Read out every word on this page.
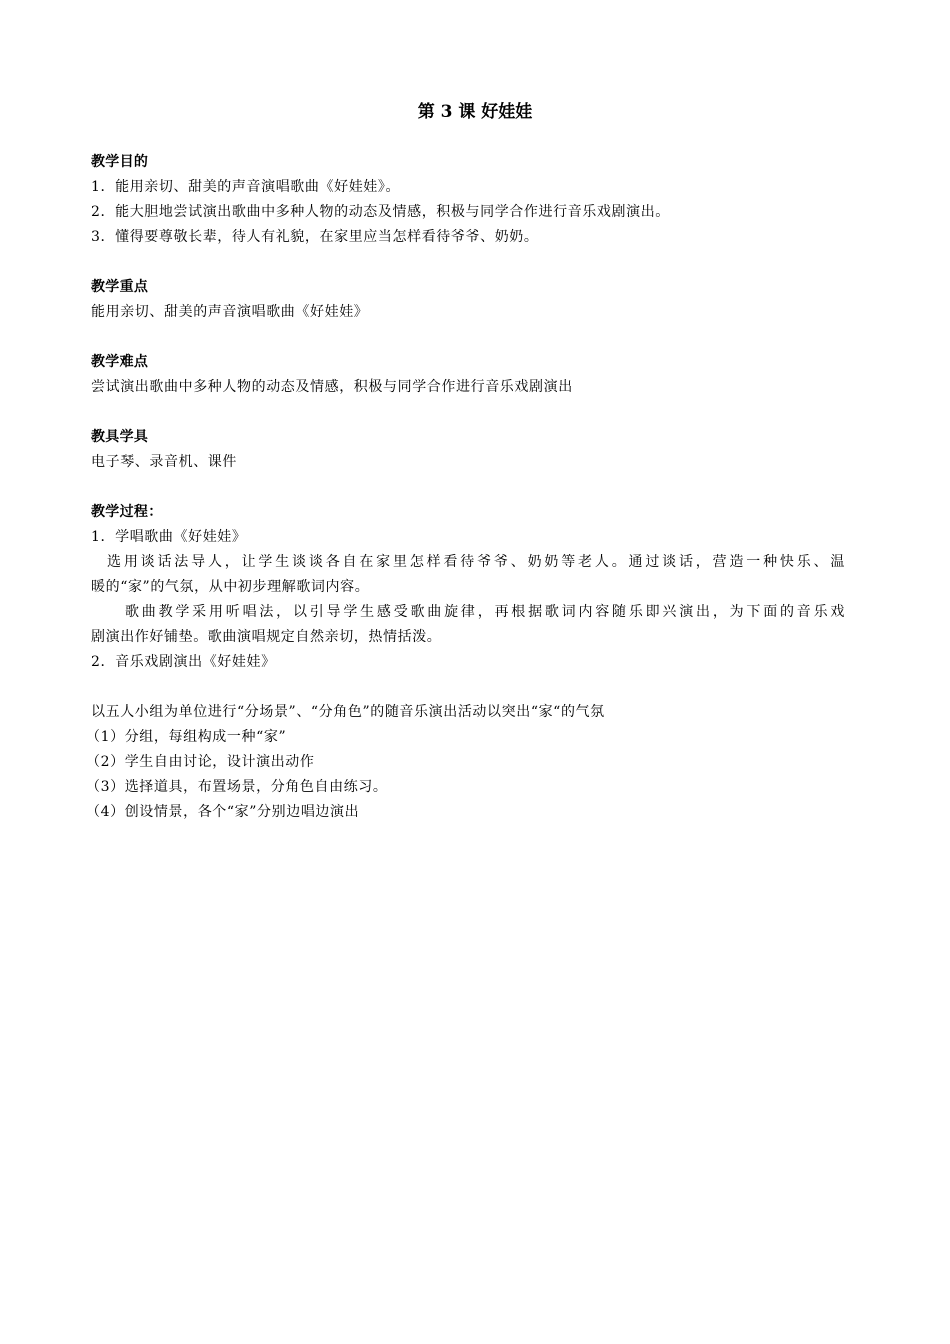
第 3 课 好娃娃
教学目的
1．能用亲切、甜美的声音演唱歌曲《好娃娃》。
2．能大胆地尝试演出歌曲中多种人物的动态及情感，积极与同学合作进行音乐戏剧演出。
3．懂得要尊敬长辈，待人有礼貌，在家里应当怎样看待爷爷、奶奶。
教学重点
能用亲切、甜美的声音演唱歌曲《好娃娃》
教学难点
尝试演出歌曲中多种人物的动态及情感，积极与同学合作进行音乐戏剧演出
教具学具
电子琴、录音机、课件
教学过程：
1．学唱歌曲《好娃娃》
选用谈话法导人，让学生谈谈各自在家里怎样看待爷爷、奶奶等老人。通过谈话，营造一种快乐、温
暖的“家”的气氛，从中初步理解歌词内容。
歌曲教学采用听唱法，以引导学生感受歌曲旋律，再根据歌词内容随乐即兴演出，为下面的音乐戏
剧演出作好铺垫。歌曲演唱规定自然亲切，热情括泼。
2．音乐戏剧演出《好娃娃》
以五人小组为单位进行“分场景”、“分角色”的随音乐演出活动以突出“家“的气氛
（1）分组，每组构成一种“家”
（2）学生自由讨论，设计演出动作
（3）选择道具，布置场景，分角色自由练习。
（4）创设情景，各个“家”分别边唱边演出
